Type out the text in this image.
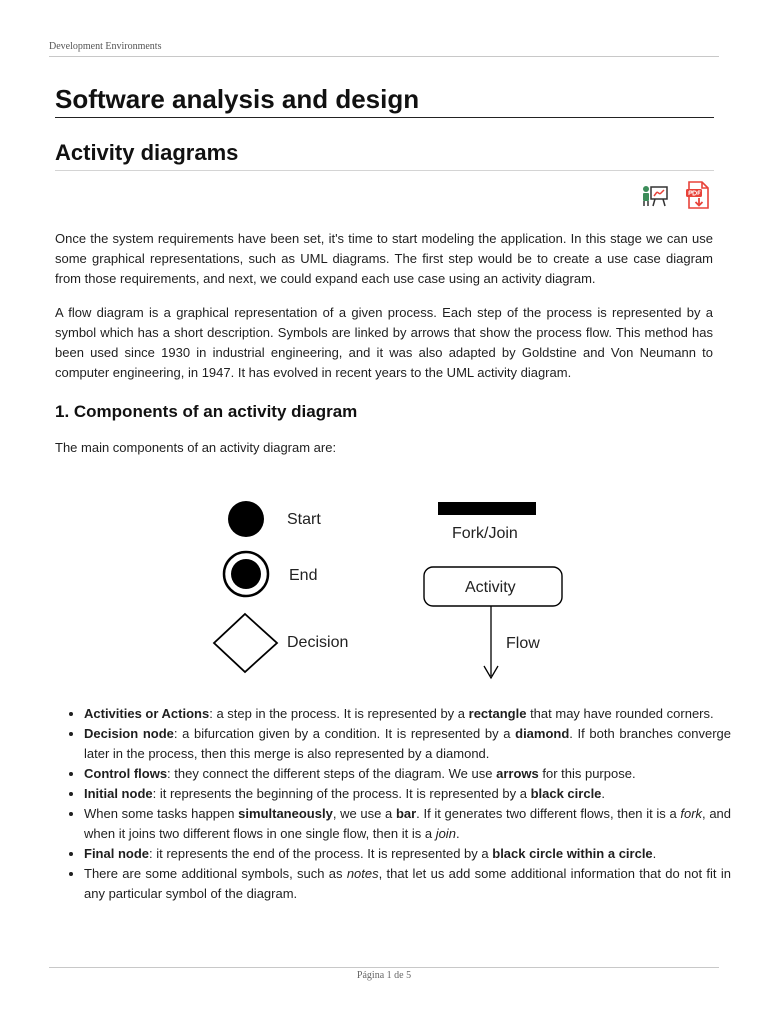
Development Environments
Software analysis and design
Activity diagrams

Once the system requirements have been set, it's time to start modeling the application. In this stage we can use some graphical representations, such as UML diagrams. The first step would be to create a use case diagram from those requirements, and next, we could expand each use case using an activity diagram.

A flow diagram is a graphical representation of a given process. Each step of the process is represented by a symbol which has a short description. Symbols are linked by arrows that show the process flow. This method has been used since 1930 in industrial engineering, and it was also adapted by Goldstine and Von Neumann to computer engineering, in 1947. It has evolved in recent years to the UML activity diagram.

1. Components of an activity diagram

The main components of an activity diagram are:

Start
End
Decision
Fork/Join
Activity
Flow
• Activities or Actions: a step in the process. It is represented by a rectangle that may have rounded corners.
• Decision node: a bifurcation given by a condition. It is represented by a diamond. If both branches converge later in the process, then this merge is also represented by a diamond.
• Control flows: they connect the different steps of the diagram. We use arrows for this purpose.
• Initial node: it represents the beginning of the process. It is represented by a black circle.
• When some tasks happen simultaneously, we use a bar. If it generates two different flows, then it is a fork, and when it joins two different flows in one single flow, then it is a join.
• Final node: it represents the end of the process. It is represented by a black circle within a circle.
• There are some additional symbols, such as notes, that let us add some additional information that do not fit in any particular symbol of the diagram.
Página 1 de 5
